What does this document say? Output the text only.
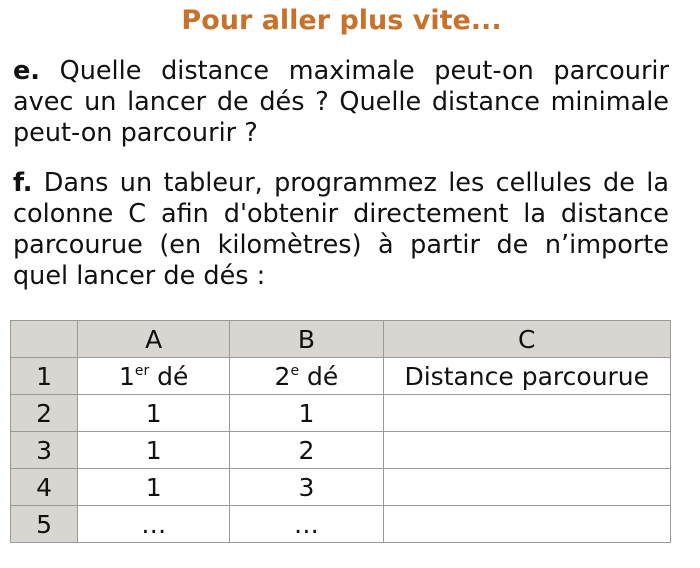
Pour aller plus vite...
e. Quelle distance maximale peut-on parcourir avec un lancer de dés ? Quelle distance minimale peut-on parcourir ?
f. Dans un tableur, programmez les cellules de la colonne C afin d'obtenir directement la distance parcourue (en kilomètres) à partir de n’importe quel lancer de dés :
	A	B	C
1	1er dé	2e dé	Distance parcourue
2	1	1	
3	1	2	
4	1	3	
5	…	…	
